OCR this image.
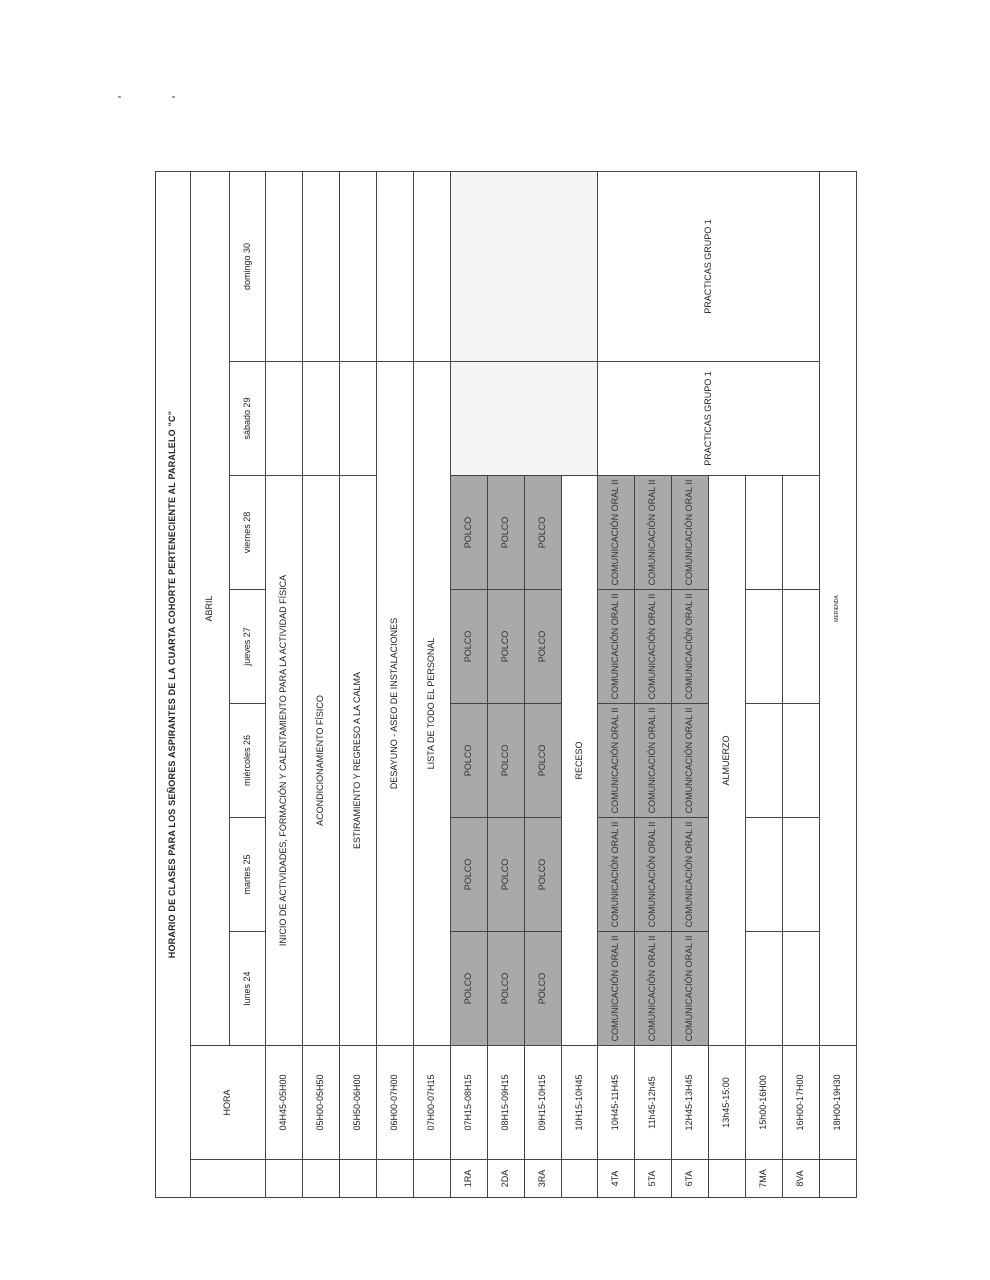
HORARIO DE CLASES PARA LOS SEÑORES ASPIRANTES DE LA CUARTA COHORTE PERTENECIENTE AL PARALELO "C"								
	HORA	ABRIL						
		lunes 24	martes 25	miércoles 26	jueves 27	viernes 28	sábado 29	domingo 30
	04H45-05H00	INICIO DE ACTIVIDADES, FORMACIÓN Y CALENTAMIENTO PARA LA ACTIVIDAD FÍSICA						
	05H00-05H50	ACONDICIONAMIENTO FÍSICO						
	05H50-06H00	ESTIRAMIENTO Y REGRESO A LA CALMA						
	06H00-07H00	DESAYUNO - ASEO DE INSTALACIONES						
	07H00-07H15	LISTA DE TODO EL PERSONAL						
1RA	07H15-08H15	POLCO	POLCO	POLCO	POLCO	POLCO		
2DA	08H15-09H15	POLCO	POLCO	POLCO	POLCO	POLCO		
3RA	09H15-10H15	POLCO	POLCO	POLCO	POLCO	POLCO		
	10H15-10H45	RECESO						
4TA	10H45-11H45	COMUNICACIÓN ORAL II	COMUNICACIÓN ORAL II	COMUNICACIÓN ORAL II	COMUNICACIÓN ORAL II	COMUNICACIÓN ORAL II	PRACTICAS GRUPO 1	PRACTICAS GRUPO 1
5TA	11h45-12h45	COMUNICACIÓN ORAL II	COMUNICACIÓN ORAL II	COMUNICACIÓN ORAL II	COMUNICACIÓN ORAL II	COMUNICACIÓN ORAL II		
6TA	12H45-13H45	COMUNICACIÓN ORAL II	COMUNICACIÓN ORAL II	COMUNICACIÓN ORAL II	COMUNICACIÓN ORAL II	COMUNICACIÓN ORAL II		
	13h45-15:00	ALMUERZO						
7MA	15h00-16H00							
8VA	16H00-17H00							
	18H00-19H30	MERIENDA						
